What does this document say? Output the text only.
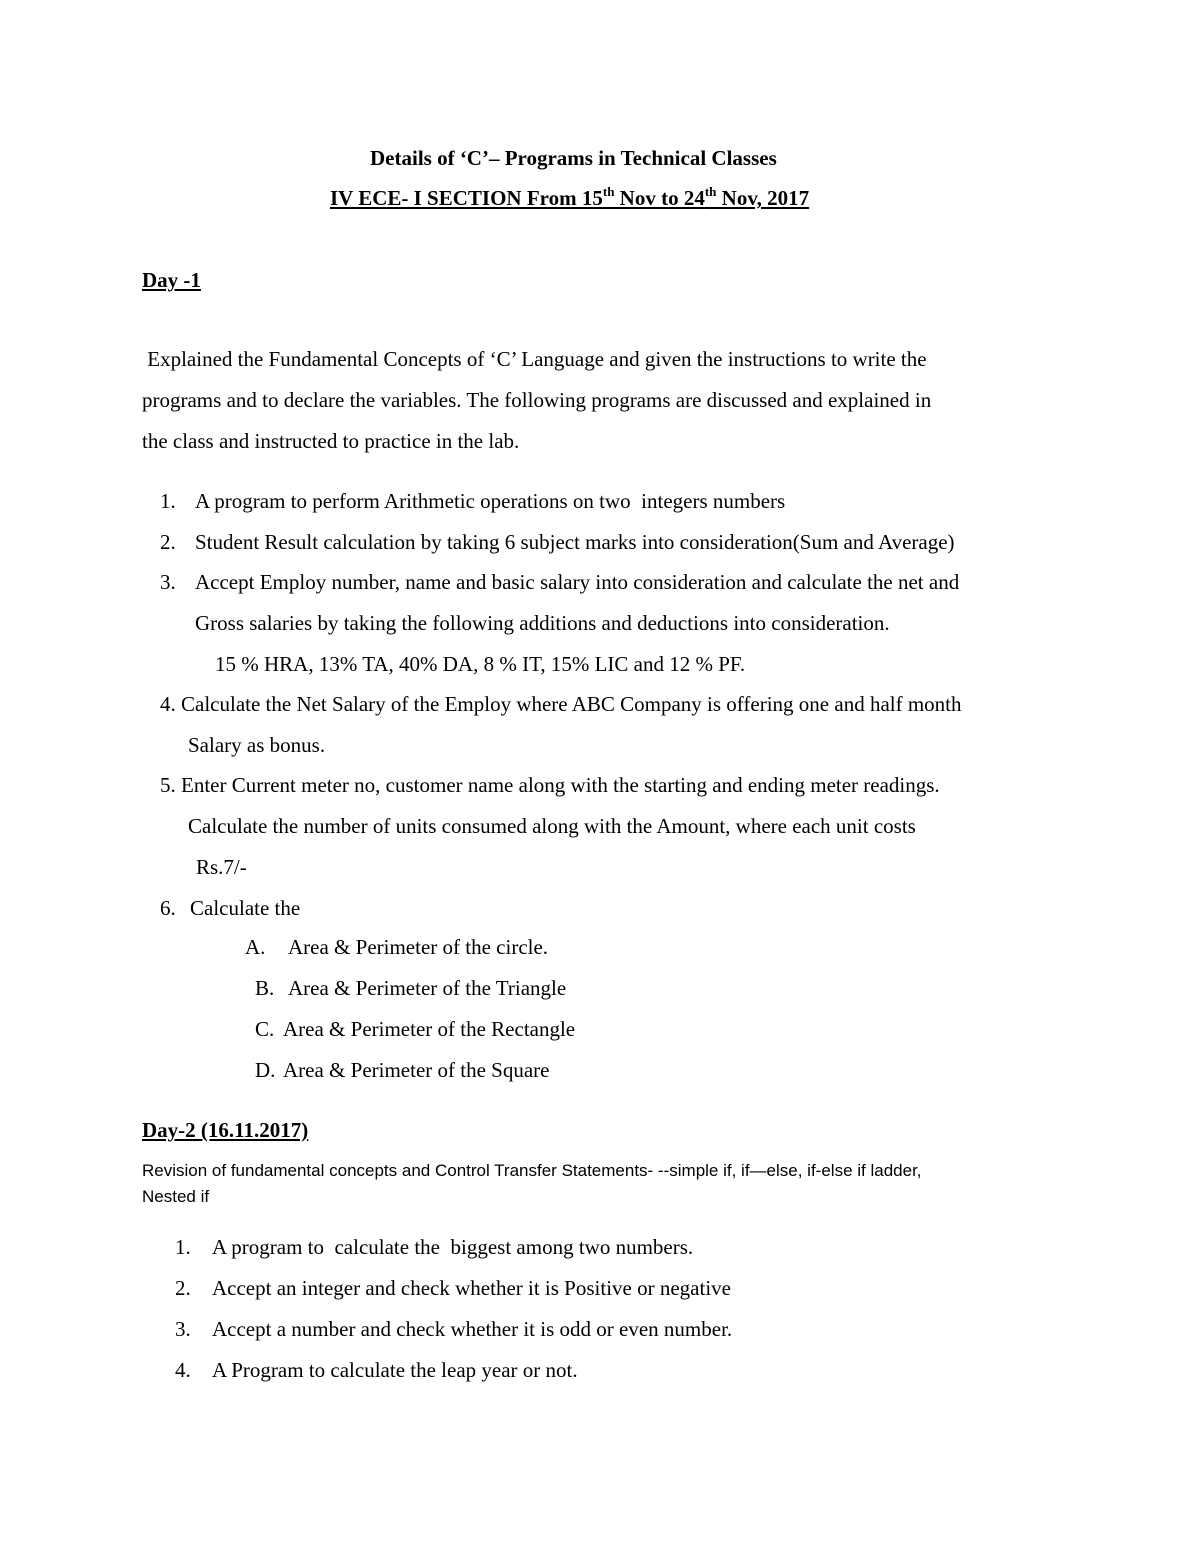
Details of ‘C’– Programs in Technical Classes
IV ECE- I SECTION From 15th Nov to 24th Nov, 2017
Day -1
Explained the Fundamental Concepts of ‘C’ Language and given the instructions to write the
programs and to declare the variables. The following programs are discussed and explained in
the class and instructed to practice in the lab.
1. A program to perform Arithmetic operations on two  integers numbers
2. Student Result calculation by taking 6 subject marks into consideration(Sum and Average)
3. Accept Employ number, name and basic salary into consideration and calculate the net and
Gross salaries by taking the following additions and deductions into consideration.
15 % HRA, 13% TA, 40% DA, 8 % IT, 15% LIC and 12 % PF.
4. Calculate the Net Salary of the Employ where ABC Company is offering one and half month
Salary as bonus.
5. Enter Current meter no, customer name along with the starting and ending meter readings.
Calculate the number of units consumed along with the Amount, where each unit costs
Rs.7/-
6. Calculate the
A. Area & Perimeter of the circle.
B. Area & Perimeter of the Triangle
C. Area & Perimeter of the Rectangle
D. Area & Perimeter of the Square
Day-2 (16.11.2017)
Revision of fundamental concepts and Control Transfer Statements- --simple if, if—else, if-else if ladder,
Nested if
1. A program to  calculate the  biggest among two numbers.
2. Accept an integer and check whether it is Positive or negative
3. Accept a number and check whether it is odd or even number.
4. A Program to calculate the leap year or not.
